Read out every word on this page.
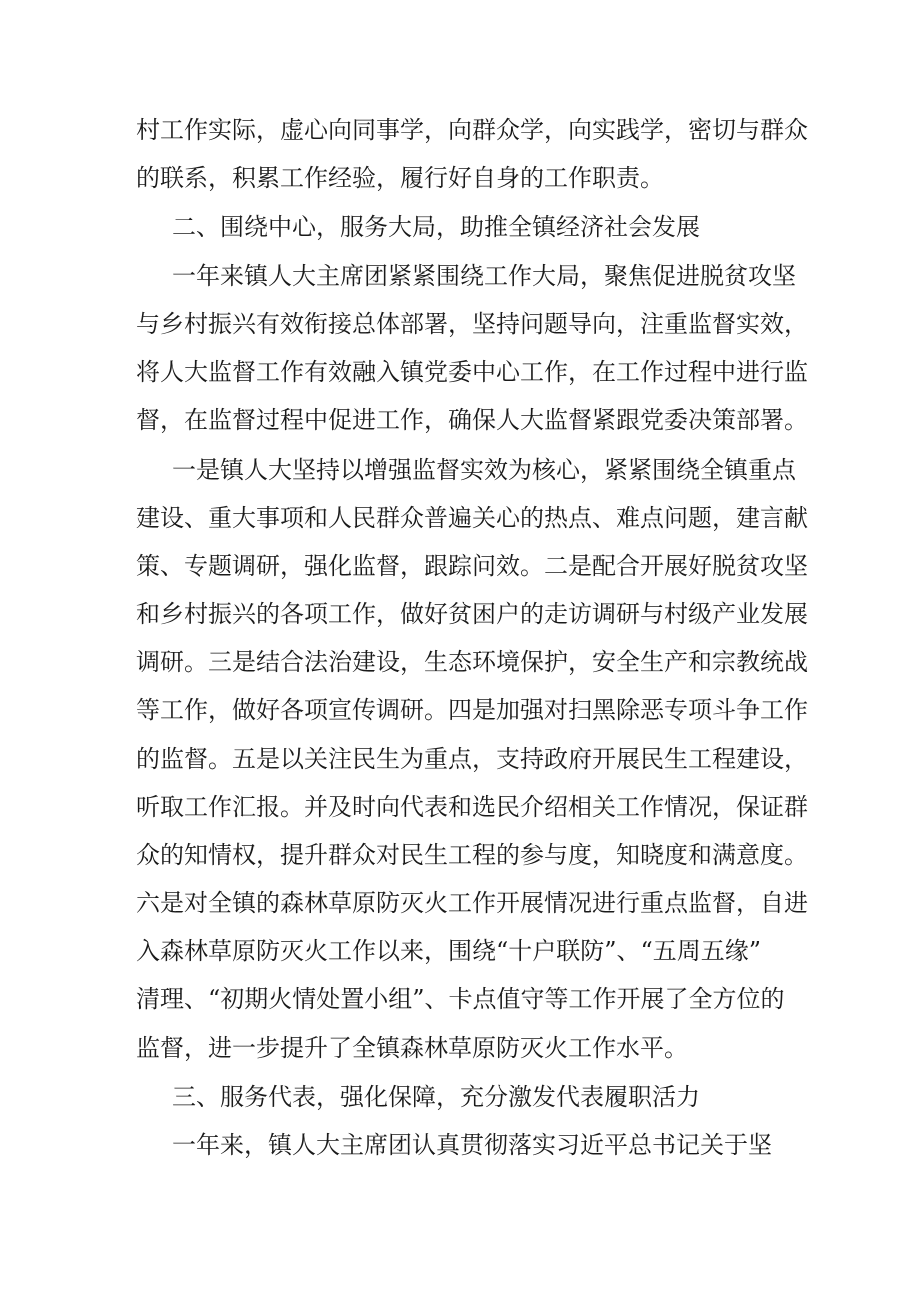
村工作实际，虚心向同事学，向群众学，向实践学，密切与群众

的联系，积累工作经验，履行好自身的工作职责。

二、围绕中心，服务大局，助推全镇经济社会发展

一年来镇人大主席团紧紧围绕工作大局，聚焦促进脱贫攻坚

与乡村振兴有效衔接总体部署，坚持问题导向，注重监督实效，

将人大监督工作有效融入镇党委中心工作，在工作过程中进行监

督，在监督过程中促进工作，确保人大监督紧跟党委决策部署。

一是镇人大坚持以增强监督实效为核心，紧紧围绕全镇重点

建设、重大事项和人民群众普遍关心的热点、难点问题，建言献

策、专题调研，强化监督，跟踪问效。二是配合开展好脱贫攻坚

和乡村振兴的各项工作，做好贫困户的走访调研与村级产业发展

调研。三是结合法治建设，生态环境保护，安全生产和宗教统战

等工作，做好各项宣传调研。四是加强对扫黑除恶专项斗争工作

的监督。五是以关注民生为重点，支持政府开展民生工程建设，

听取工作汇报。并及时向代表和选民介绍相关工作情况，保证群

众的知情权，提升群众对民生工程的参与度，知晓度和满意度。

六是对全镇的森林草原防灭火工作开展情况进行重点监督，自进

入森林草原防灭火工作以来，围绕“十户联防”、“五周五缘”

清理、“初期火情处置小组”、卡点值守等工作开展了全方位的

监督，进一步提升了全镇森林草原防灭火工作水平。

三、服务代表，强化保障，充分激发代表履职活力

一年来，镇人大主席团认真贯彻落实习近平总书记关于坚
